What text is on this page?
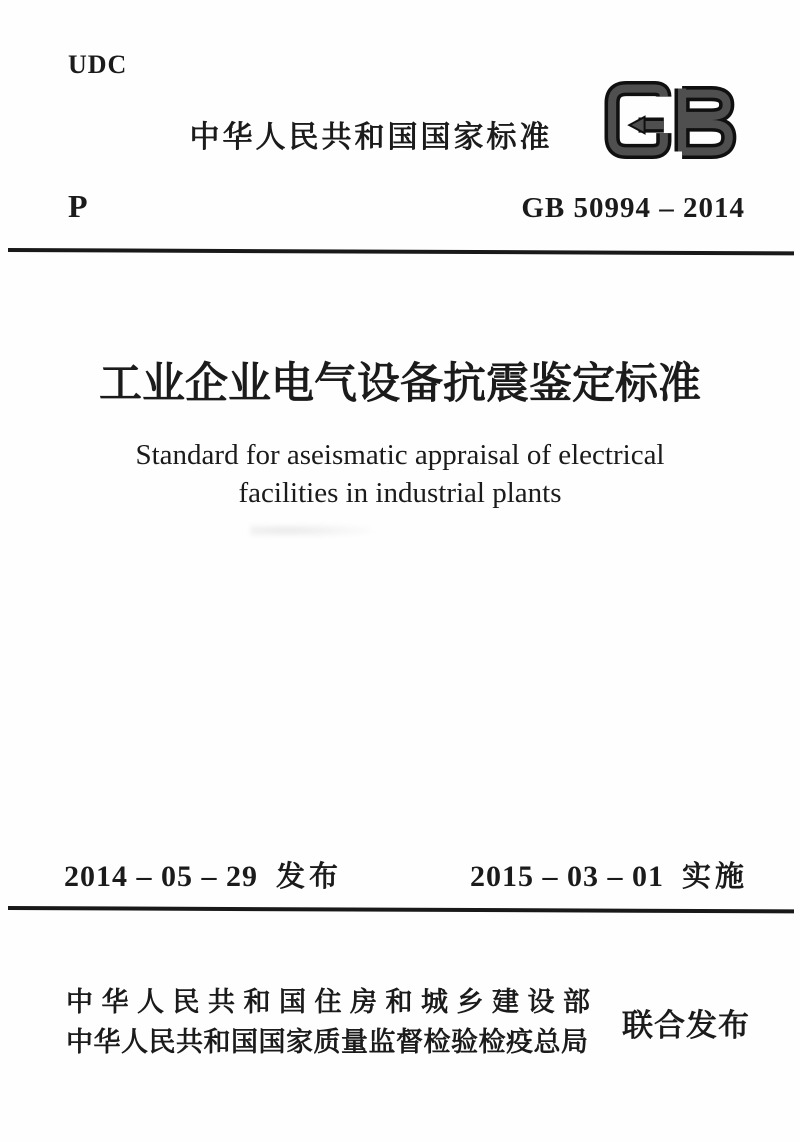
UDC
中华人民共和国国家标准
P	GB 50994 – 2014
工业企业电气设备抗震鉴定标准
Standard for aseismatic appraisal of electrical
facilities in industrial plants
2014 – 05 – 29 发布	2015 – 03 – 01 实施
中华人民共和国住房和城乡建设部
中华人民共和国国家质量监督检验检疫总局	联合发布
